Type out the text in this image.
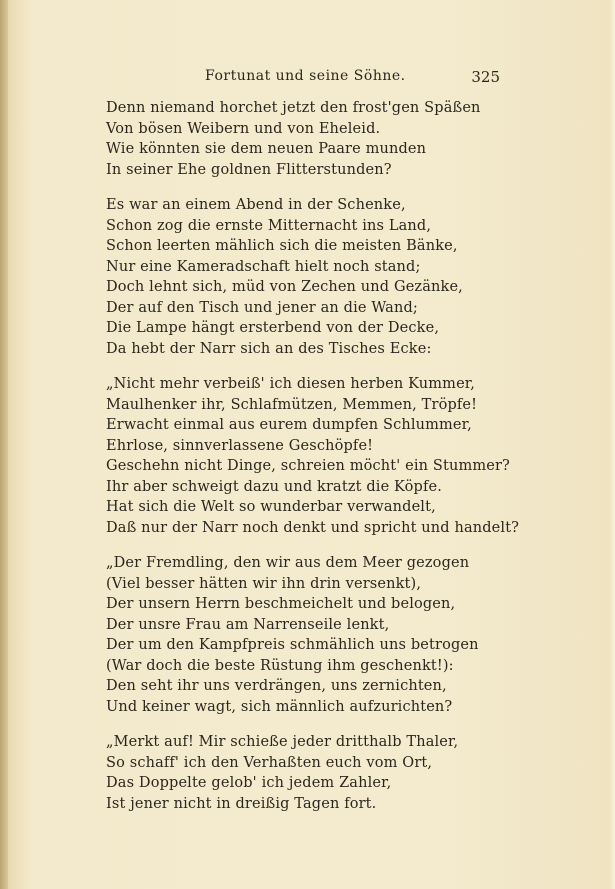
Fortunat und seine Söhne.	325
Denn niemand horchet jetzt den frost'gen Späßen
Von bösen Weibern und von Eheleid.
Wie könnten sie dem neuen Paare munden
In seiner Ehe goldnen Flitterstunden?
Es war an einem Abend in der Schenke,
Schon zog die ernste Mitternacht ins Land,
Schon leerten mählich sich die meisten Bänke,
Nur eine Kameradschaft hielt noch stand;
Doch lehnt sich, müd von Zechen und Gezänke,
Der auf den Tisch und jener an die Wand;
Die Lampe hängt ersterbend von der Decke,
Da hebt der Narr sich an des Tisches Ecke:
„Nicht mehr verbeiß' ich diesen herben Kummer,
Maulhenker ihr, Schlafmützen, Memmen, Tröpfe!
Erwacht einmal aus eurem dumpfen Schlummer,
Ehrlose, sinnverlassene Geschöpfe!
Geschehn nicht Dinge, schreien möcht' ein Stummer?
Ihr aber schweigt dazu und kratzt die Köpfe.
Hat sich die Welt so wunderbar verwandelt,
Daß nur der Narr noch denkt und spricht und handelt?
„Der Fremdling, den wir aus dem Meer gezogen
(Viel besser hätten wir ihn drin versenkt),
Der unsern Herrn beschmeichelt und belogen,
Der unsre Frau am Narrenseile lenkt,
Der um den Kampfpreis schmählich uns betrogen
(War doch die beste Rüstung ihm geschenkt!):
Den seht ihr uns verdrängen, uns zernichten,
Und keiner wagt, sich männlich aufzurichten?
„Merkt auf! Mir schieße jeder dritthalb Thaler,
So schaff' ich den Verhaßten euch vom Ort,
Das Doppelte gelob' ich jedem Zahler,
Ist jener nicht in dreißig Tagen fort.
